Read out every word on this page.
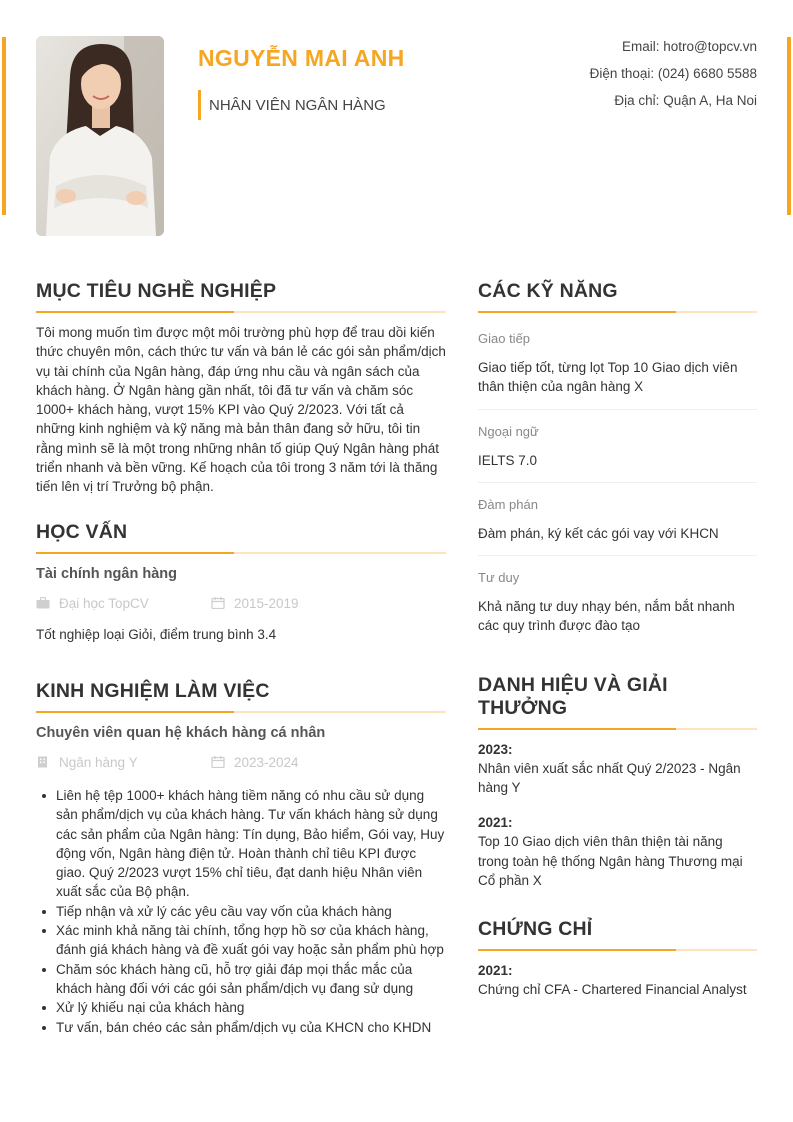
NGUYỄN MAI ANH
NHÂN VIÊN NGÂN HÀNG
Email: hotro@topcv.vn
Điện thoại: (024) 6680 5588
Địa chỉ: Quận A, Ha Noi
MỤC TIÊU NGHỀ NGHIỆP

Tôi mong muốn tìm được một môi trường phù hợp để trau dồi kiến thức chuyên môn, cách thức tư vấn và bán lẻ các gói sản phẩm/dịch vụ tài chính của Ngân hàng, đáp ứng nhu cầu và ngân sách của khách hàng. Ở Ngân hàng gần nhất, tôi đã tư vấn và chăm sóc 1000+ khách hàng, vượt 15% KPI vào Quý 2/2023. Với tất cả những kinh nghiệm và kỹ năng mà bản thân đang sở hữu, tôi tin rằng mình sẽ là một trong những nhân tố giúp Quý Ngân hàng phát triển nhanh và bền vững. Kế hoạch của tôi trong 3 năm tới là thăng tiến lên vị trí Trưởng bộ phận.

HỌC VẤN
Tài chính ngân hàng
Đại học TopCV	2015-2019

Tốt nghiệp loại Giỏi, điểm trung bình 3.4

KINH NGHIỆM LÀM VIỆC
Chuyên viên quan hệ khách hàng cá nhân
Ngân hàng Y	2023-2024
Liên hệ tệp 1000+ khách hàng tiềm năng có nhu cầu sử dụng sản phẩm/dịch vụ của khách hàng. Tư vấn khách hàng sử dụng các sản phẩm của Ngân hàng: Tín dụng, Bảo hiểm, Gói vay, Huy động vốn, Ngân hàng điện tử. Hoàn thành chỉ tiêu KPI được giao. Quý 2/2023 vượt 15% chỉ tiêu, đạt danh hiệu Nhân viên xuất sắc của Bộ phận.
Tiếp nhận và xử lý các yêu cầu vay vốn của khách hàng
Xác minh khả năng tài chính, tổng hợp hồ sơ của khách hàng, đánh giá khách hàng và đề xuất gói vay hoặc sản phẩm phù hợp
Chăm sóc khách hàng cũ, hỗ trợ giải đáp mọi thắc mắc của khách hàng đối với các gói sản phẩm/dịch vụ đang sử dụng
Xử lý khiếu nại của khách hàng
Tư vấn, bán chéo các sản phẩm/dịch vụ của KHCN cho KHDN
CÁC KỸ NĂNG
Giao tiếp
Giao tiếp tốt, từng lọt Top 10 Giao dịch viên thân thiện của ngân hàng X
Ngoại ngữ
IELTS 7.0
Đàm phán
Đàm phán, ký kết các gói vay với KHCN
Tư duy
Khả năng tư duy nhạy bén, nắm bắt nhanh các quy trình được đào tạo
DANH HIỆU VÀ GIẢI THƯỞNG
2023:
Nhân viên xuất sắc nhất Quý 2/2023 - Ngân hàng Y
2021:
Top 10 Giao dịch viên thân thiện tài năng trong toàn hệ thống Ngân hàng Thương mại Cổ phần X
CHỨNG CHỈ
2021:
Chứng chỉ CFA - Chartered Financial Analyst
